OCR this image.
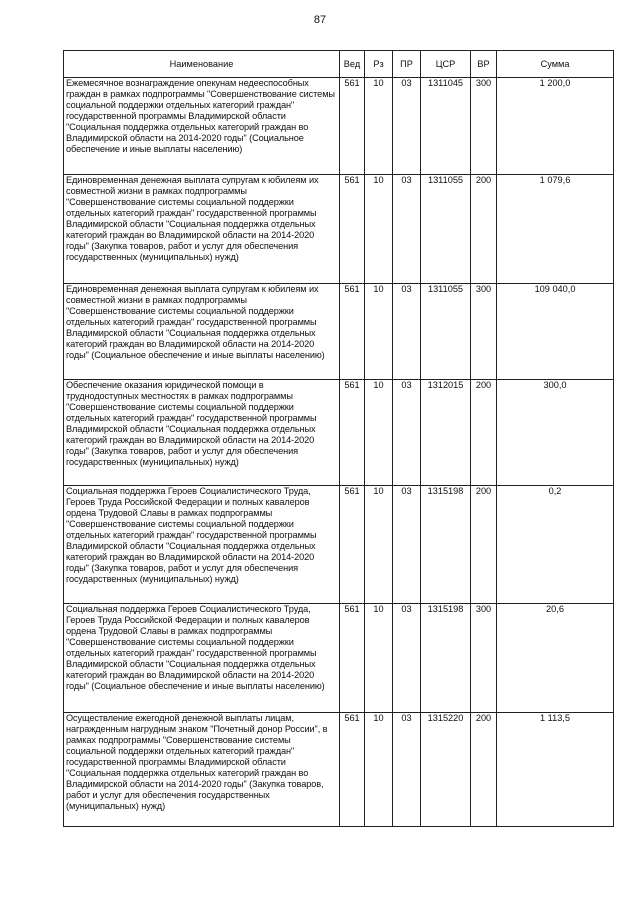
87
Наименование	Вед	Рз	ПР	ЦСР	ВР	Сумма
Ежемесячное вознаграждение опекунам недееспособных граждан в рамках подпрограммы "Совершенствование системы социальной поддержки отдельных категорий граждан" государственной программы Владимирской области "Социальная поддержка отдельных категорий граждан во Владимирской области на 2014-2020 годы" (Социальное обеспечение и иные выплаты населению)	561	10	03	1311045	300	1 200,0
Единовременная денежная выплата супругам к юбилеям их совместной жизни в рамках подпрограммы "Совершенствование системы социальной поддержки отдельных категорий граждан" государственной программы Владимирской области "Социальная поддержка отдельных категорий граждан во Владимирской области на 2014-2020 годы" (Закупка товаров, работ и услуг для обеспечения государственных (муниципальных) нужд)	561	10	03	1311055	200	1 079,6
Единовременная денежная выплата супругам к юбилеям их совместной жизни в рамках подпрограммы "Совершенствование системы социальной поддержки отдельных категорий граждан" государственной программы Владимирской области "Социальная поддержка отдельных категорий граждан во Владимирской области на 2014-2020 годы" (Социальное обеспечение и иные выплаты населению)	561	10	03	1311055	300	109 040,0
Обеспечение оказания юридической помощи в труднодоступных местностях в рамках подпрограммы "Совершенствование системы социальной поддержки отдельных категорий граждан" государственной программы Владимирской области "Социальная поддержка отдельных категорий граждан во Владимирской области на 2014-2020 годы" (Закупка товаров, работ и услуг для обеспечения государственных (муниципальных) нужд)	561	10	03	1312015	200	300,0
Социальная поддержка Героев Социалистического Труда, Героев Труда Российской Федерации и полных кавалеров ордена Трудовой Славы в рамках подпрограммы "Совершенствование системы социальной поддержки отдельных категорий граждан" государственной программы Владимирской области "Социальная поддержка отдельных категорий граждан во Владимирской области на 2014-2020 годы" (Закупка товаров, работ и услуг для обеспечения государственных (муниципальных) нужд)	561	10	03	1315198	200	0,2
Социальная поддержка Героев Социалистического Труда, Героев Труда Российской Федерации и полных кавалеров ордена Трудовой Славы в рамках подпрограммы "Совершенствование системы социальной поддержки отдельных категорий граждан" государственной программы Владимирской области "Социальная поддержка отдельных категорий граждан во Владимирской области на 2014-2020 годы" (Социальное обеспечение и иные выплаты населению)	561	10	03	1315198	300	20,6
Осуществление ежегодной денежной выплаты лицам, награжденным нагрудным знаком "Почетный донор России", в рамках подпрограммы "Совершенствование системы социальной поддержки отдельных категорий граждан" государственной программы Владимирской области "Социальная поддержка отдельных категорий граждан во Владимирской области на 2014-2020 годы" (Закупка товаров, работ и услуг для обеспечения государственных (муниципальных) нужд)	561	10	03	1315220	200	1 113,5
